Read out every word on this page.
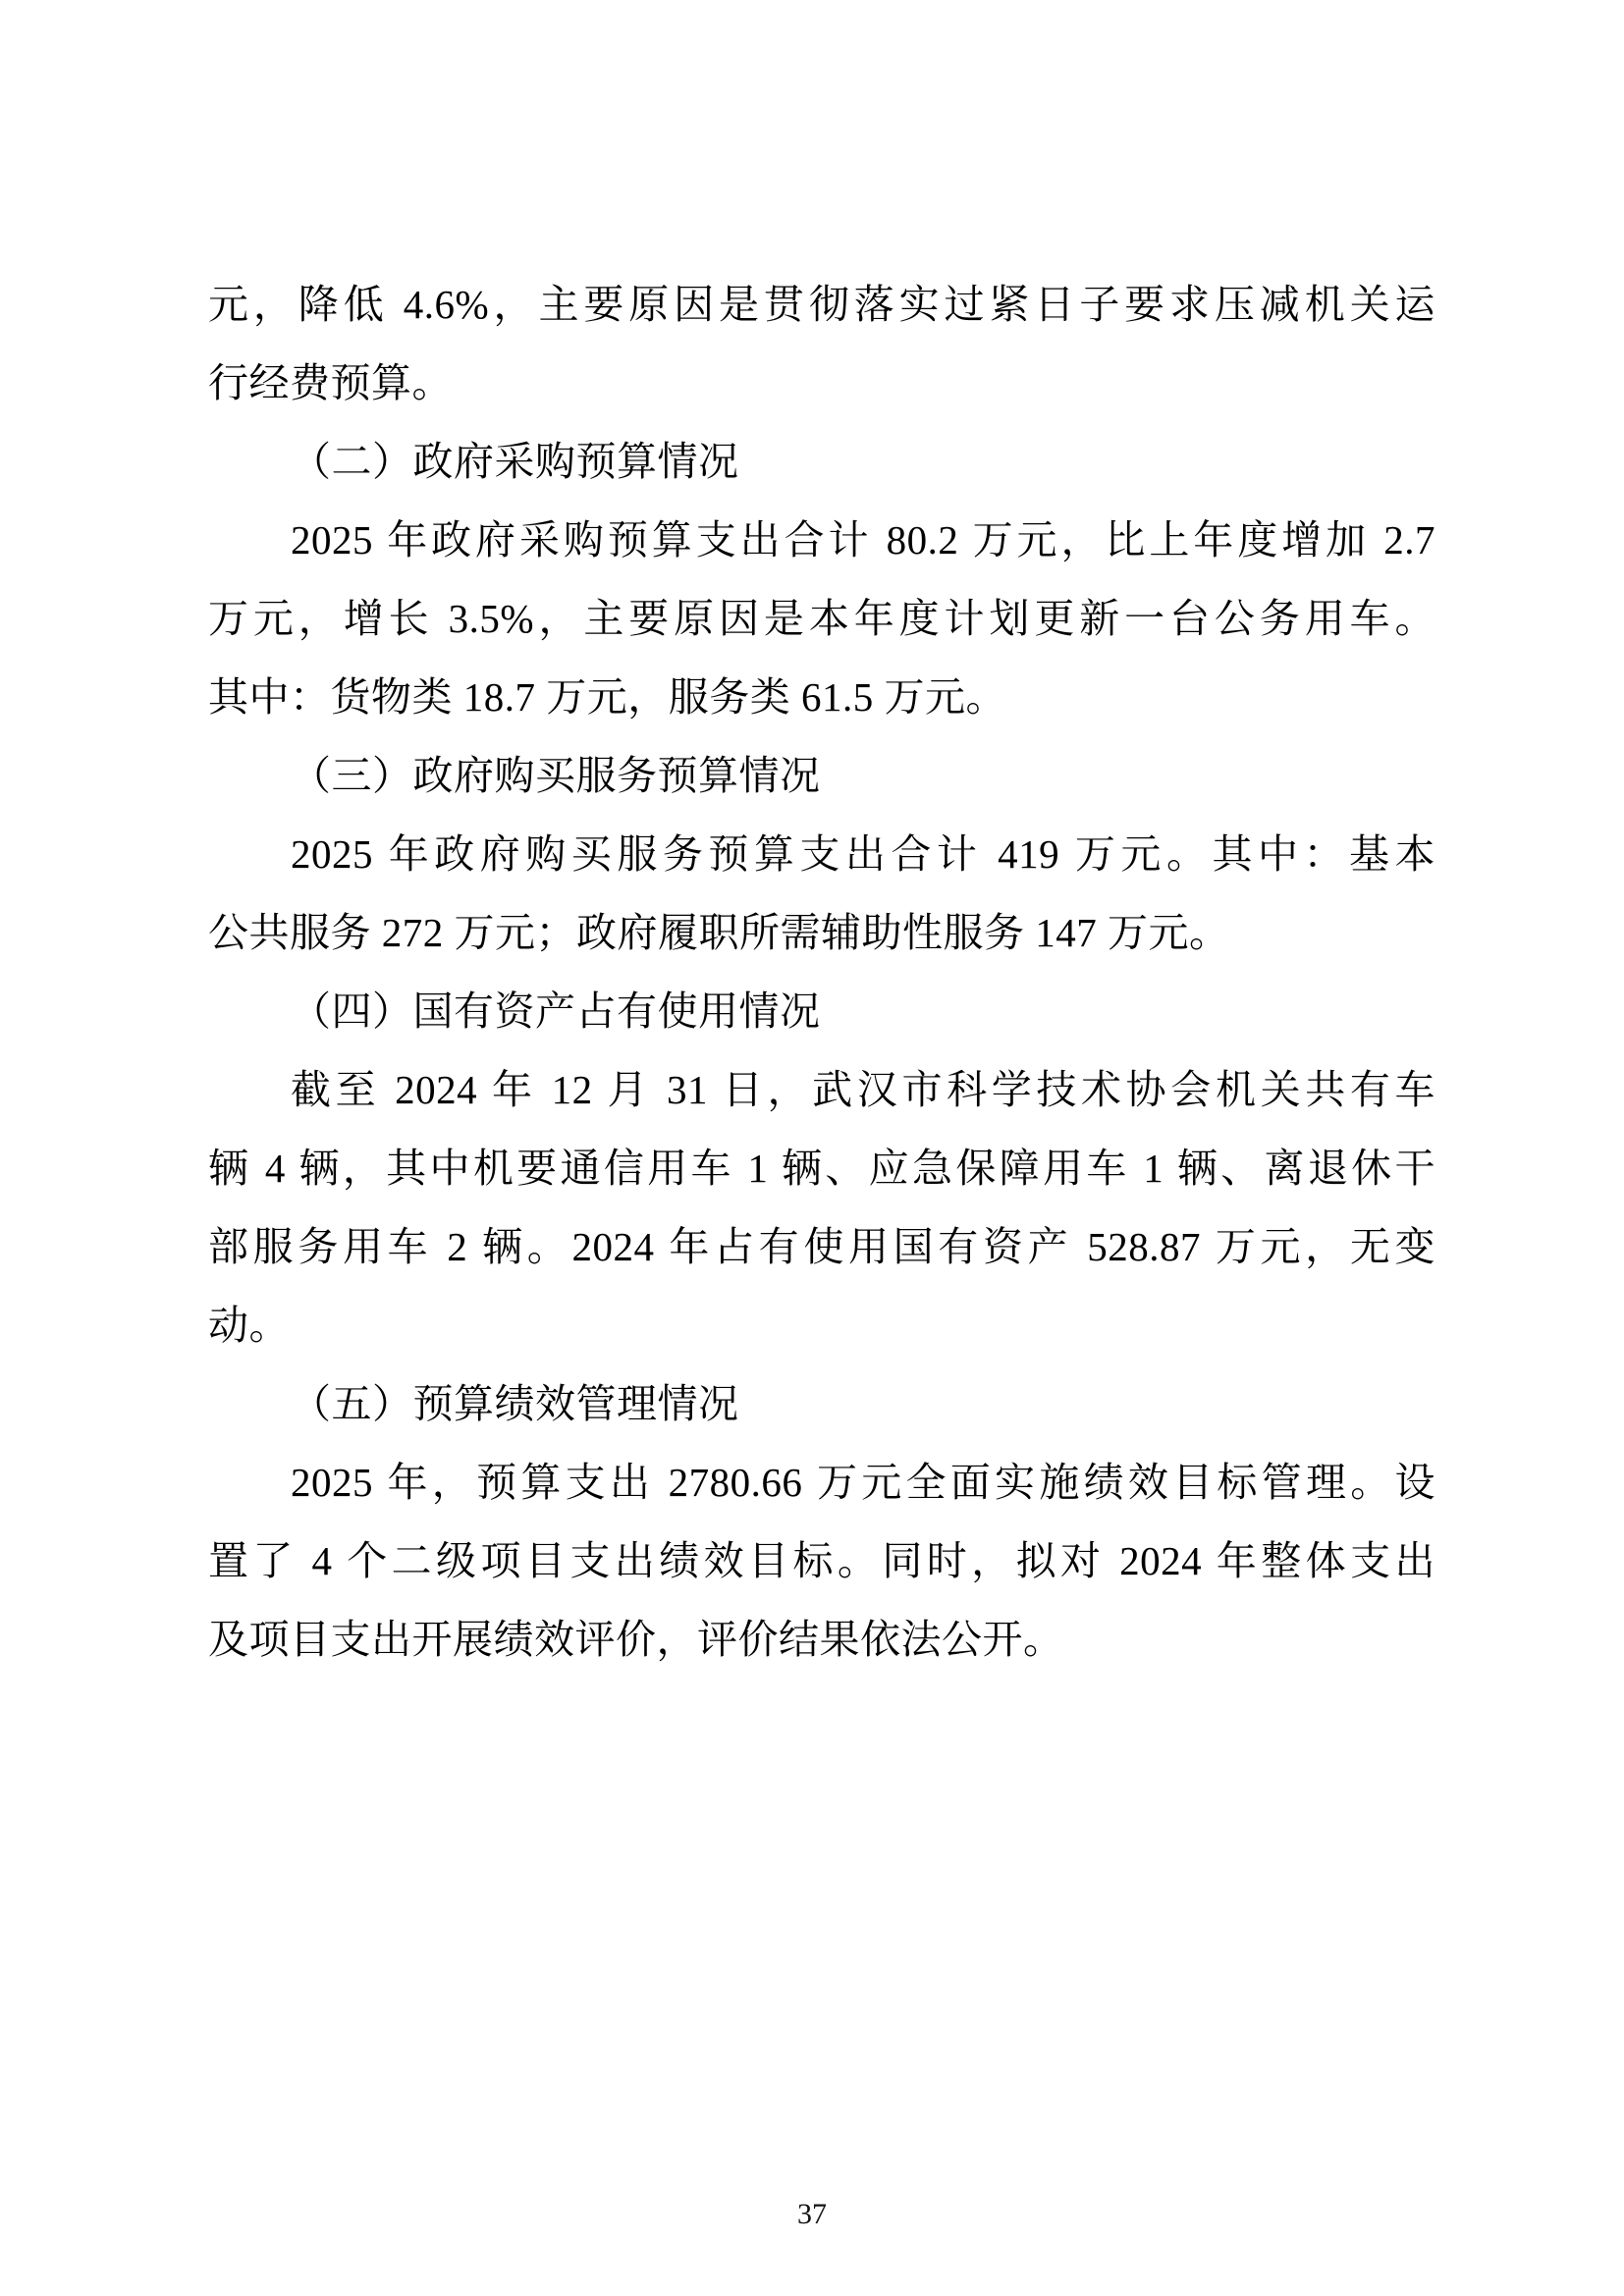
元，降低 4.6%，主要原因是贯彻落实过紧日子要求压减机关运
行经费预算。
（二）政府采购预算情况
2025 年政府采购预算支出合计 80.2 万元，比上年度增加 2.7
万元，增长 3.5%，主要原因是本年度计划更新一台公务用车。
其中：货物类 18.7 万元，服务类 61.5 万元。
（三）政府购买服务预算情况
2025 年政府购买服务预算支出合计 419 万元。其中：基本
公共服务 272 万元；政府履职所需辅助性服务 147 万元。
（四）国有资产占有使用情况
截至 2024 年 12 月 31 日，武汉市科学技术协会机关共有车
辆 4 辆，其中机要通信用车 1 辆、应急保障用车 1 辆、离退休干
部服务用车 2 辆。2024 年占有使用国有资产 528.87 万元，无变
动。
（五）预算绩效管理情况
2025 年，预算支出 2780.66 万元全面实施绩效目标管理。设
置了 4 个二级项目支出绩效目标。同时，拟对 2024 年整体支出
及项目支出开展绩效评价，评价结果依法公开。
37
